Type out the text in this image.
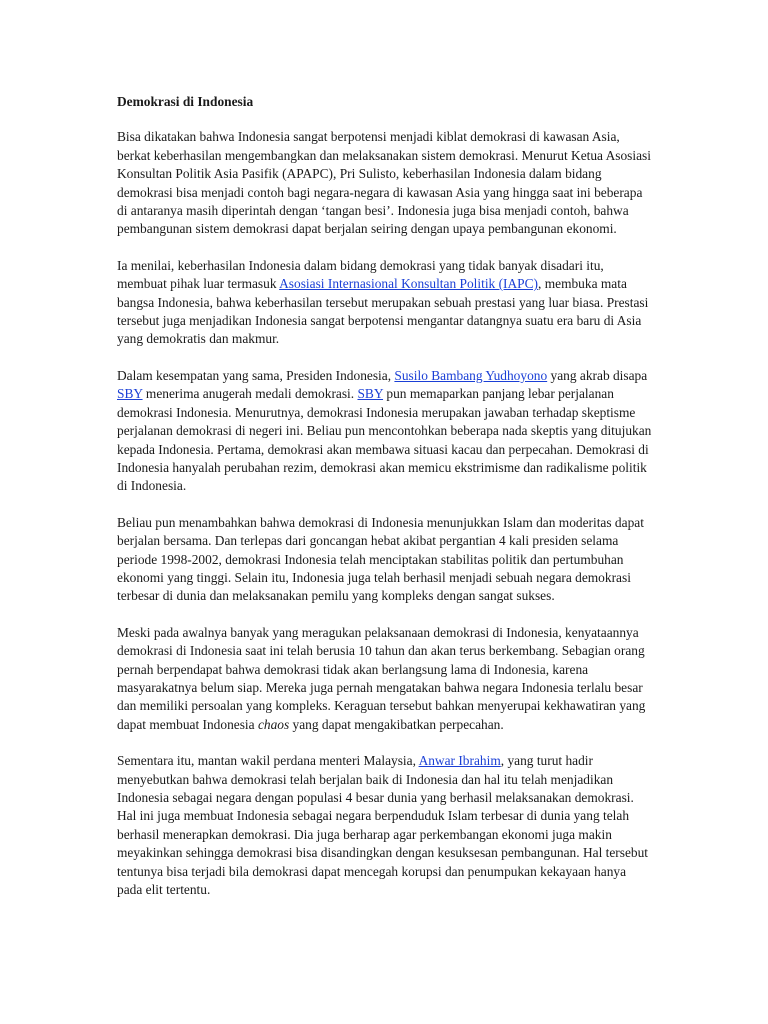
Demokrasi di Indonesia

Bisa dikatakan bahwa Indonesia sangat berpotensi menjadi kiblat demokrasi di kawasan Asia, berkat keberhasilan mengembangkan dan melaksanakan sistem demokrasi. Menurut Ketua Asosiasi Konsultan Politik Asia Pasifik (APAPC), Pri Sulisto, keberhasilan Indonesia dalam bidang demokrasi bisa menjadi contoh bagi negara-negara di kawasan Asia yang hingga saat ini beberapa di antaranya masih diperintah dengan ‘tangan besi’. Indonesia juga bisa menjadi contoh, bahwa pembangunan sistem demokrasi dapat berjalan seiring dengan upaya pembangunan ekonomi.

Ia menilai, keberhasilan Indonesia dalam bidang demokrasi yang tidak banyak disadari itu, membuat pihak luar termasuk Asosiasi Internasional Konsultan Politik (IAPC), membuka mata bangsa Indonesia, bahwa keberhasilan tersebut merupakan sebuah prestasi yang luar biasa. Prestasi tersebut juga menjadikan Indonesia sangat berpotensi mengantar datangnya suatu era baru di Asia yang demokratis dan makmur.

Dalam kesempatan yang sama, Presiden Indonesia, Susilo Bambang Yudhoyono yang akrab disapa SBY menerima anugerah medali demokrasi. SBY pun memaparkan panjang lebar perjalanan demokrasi Indonesia. Menurutnya, demokrasi Indonesia merupakan jawaban terhadap skeptisme perjalanan demokrasi di negeri ini. Beliau pun mencontohkan beberapa nada skeptis yang ditujukan kepada Indonesia. Pertama, demokrasi akan membawa situasi kacau dan perpecahan. Demokrasi di Indonesia hanyalah perubahan rezim, demokrasi akan memicu ekstrimisme dan radikalisme politik di Indonesia.

Beliau pun menambahkan bahwa demokrasi di Indonesia menunjukkan Islam dan moderitas dapat berjalan bersama. Dan terlepas dari goncangan hebat akibat pergantian 4 kali presiden selama periode 1998-2002, demokrasi Indonesia telah menciptakan stabilitas politik dan pertumbuhan ekonomi yang tinggi. Selain itu, Indonesia juga telah berhasil menjadi sebuah negara demokrasi terbesar di dunia dan melaksanakan pemilu yang kompleks dengan sangat sukses.

Meski pada awalnya banyak yang meragukan pelaksanaan demokrasi di Indonesia, kenyataannya demokrasi di Indonesia saat ini telah berusia 10 tahun dan akan terus berkembang. Sebagian orang pernah berpendapat bahwa demokrasi tidak akan berlangsung lama di Indonesia, karena masyarakatnya belum siap. Mereka juga pernah mengatakan bahwa negara Indonesia terlalu besar dan memiliki persoalan yang kompleks. Keraguan tersebut bahkan menyerupai kekhawatiran yang dapat membuat Indonesia chaos yang dapat mengakibatkan perpecahan.

Sementara itu, mantan wakil perdana menteri Malaysia, Anwar Ibrahim, yang turut hadir menyebutkan bahwa demokrasi telah berjalan baik di Indonesia dan hal itu telah menjadikan Indonesia sebagai negara dengan populasi 4 besar dunia yang berhasil melaksanakan demokrasi. Hal ini juga membuat Indonesia sebagai negara berpenduduk Islam terbesar di dunia yang telah berhasil menerapkan demokrasi. Dia juga berharap agar perkembangan ekonomi juga makin meyakinkan sehingga demokrasi bisa disandingkan dengan kesuksesan pembangunan. Hal tersebut tentunya bisa terjadi bila demokrasi dapat mencegah korupsi dan penumpukan kekayaan hanya pada elit tertentu.
